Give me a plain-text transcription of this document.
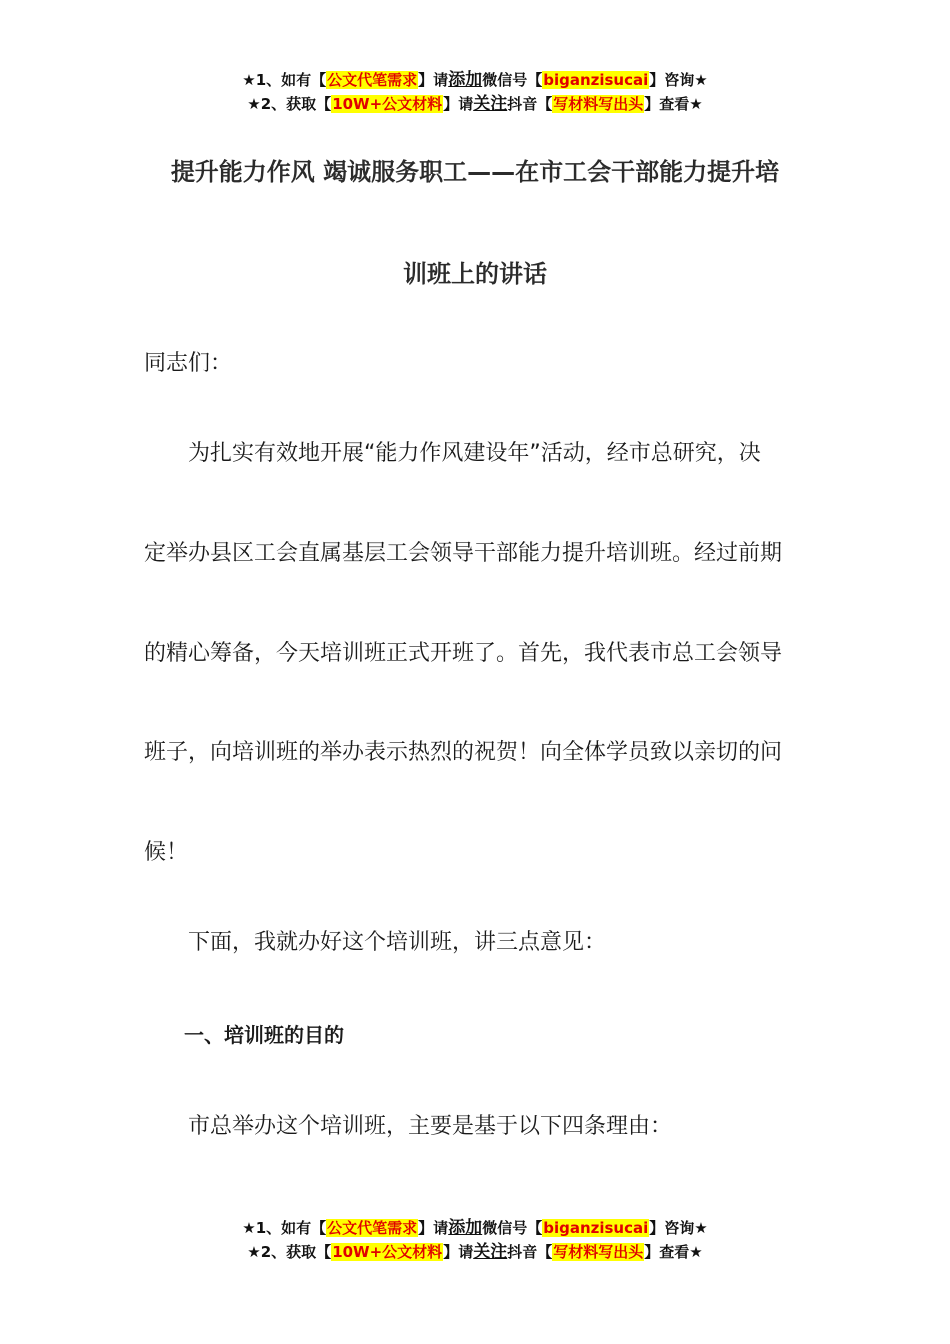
★1、如有【公文代笔需求】请添加微信号【biganzisucai】咨询★
★2、获取【10W+公文材料】请关注抖音【写材料写出头】查看★
提升能力作风 竭诚服务职工——在市工会干部能力提升培
训班上的讲话

同志们：

　　为扎实有效地开展“能力作风建设年”活动，经市总研究，决

定举办县区工会直属基层工会领导干部能力提升培训班。经过前期

的精心筹备，今天培训班正式开班了。首先，我代表市总工会领导

班子，向培训班的举办表示热烈的祝贺！向全体学员致以亲切的问

候！

　　下面，我就办好这个培训班，讲三点意见：

　　一、培训班的目的

　　市总举办这个培训班，主要是基于以下四条理由：

★1、如有【公文代笔需求】请添加微信号【biganzisucai】咨询★
★2、获取【10W+公文材料】请关注抖音【写材料写出头】查看★
